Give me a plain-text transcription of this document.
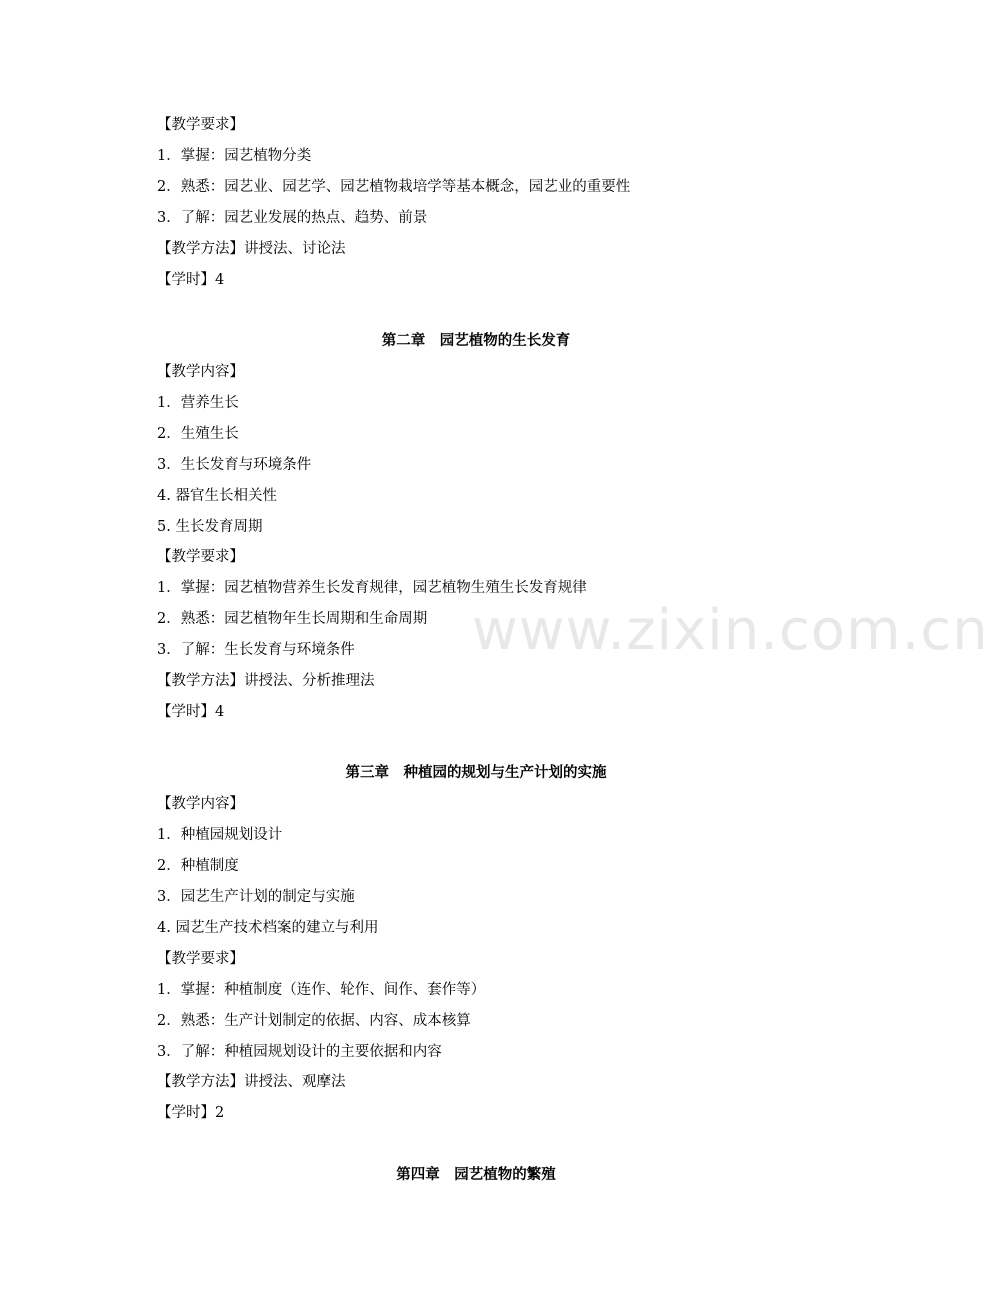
【教学要求】
1．掌握：园艺植物分类
2．熟悉：园艺业、园艺学、园艺植物栽培学等基本概念，园艺业的重要性
3．了解：园艺业发展的热点、趋势、前景
【教学方法】讲授法、讨论法
【学时】4
第二章　园艺植物的生长发育
【教学内容】
1．营养生长
2．生殖生长
3．生长发育与环境条件
4. 器官生长相关性
5. 生长发育周期
【教学要求】
1．掌握：园艺植物营养生长发育规律，园艺植物生殖生长发育规律
2．熟悉：园艺植物年生长周期和生命周期
3．了解：生长发育与环境条件
【教学方法】讲授法、分析推理法
【学时】4
第三章　种植园的规划与生产计划的实施
【教学内容】
1．种植园规划设计
2．种植制度
3．园艺生产计划的制定与实施
4. 园艺生产技术档案的建立与利用
【教学要求】
1．掌握：种植制度（连作、轮作、间作、套作等）
2．熟悉：生产计划制定的依据、内容、成本核算
3．了解：种植园规划设计的主要依据和内容
【教学方法】讲授法、观摩法
【学时】2
第四章　园艺植物的繁殖
www.zixin.com.cn
